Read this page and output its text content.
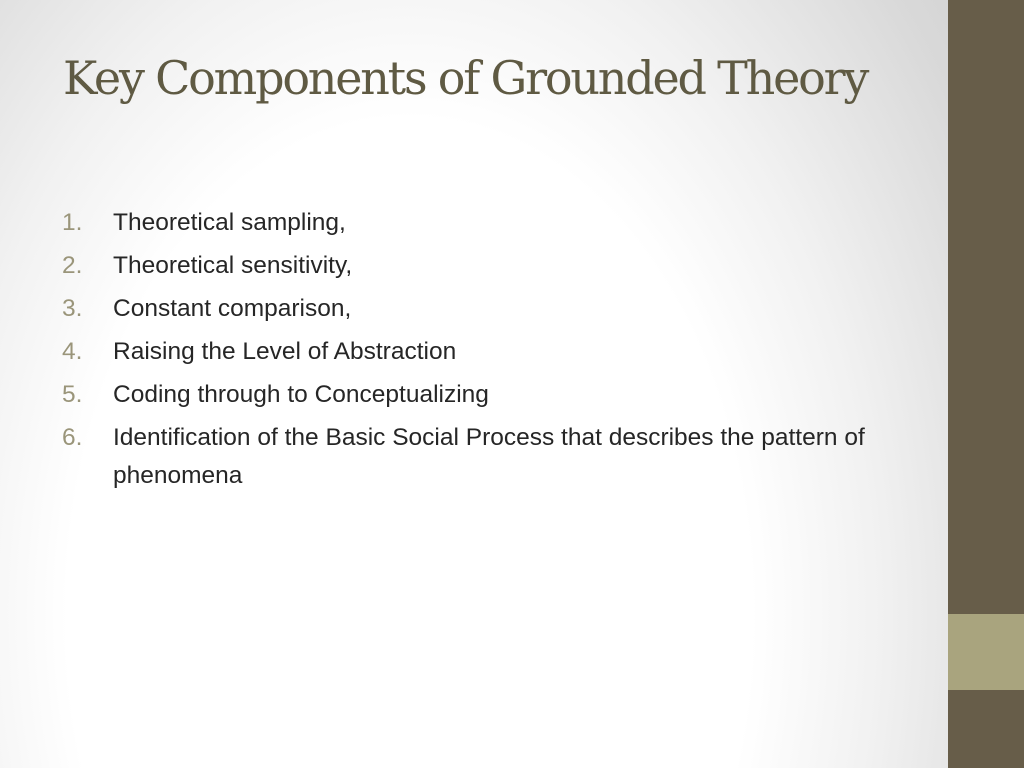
Key Components of Grounded Theory
1.	Theoretical sampling,
2.	Theoretical sensitivity,
3.	Constant comparison,
4.	Raising the Level of Abstraction
5.	Coding through to Conceptualizing
6.	Identification of the Basic Social Process that describes the pattern of phenomena
